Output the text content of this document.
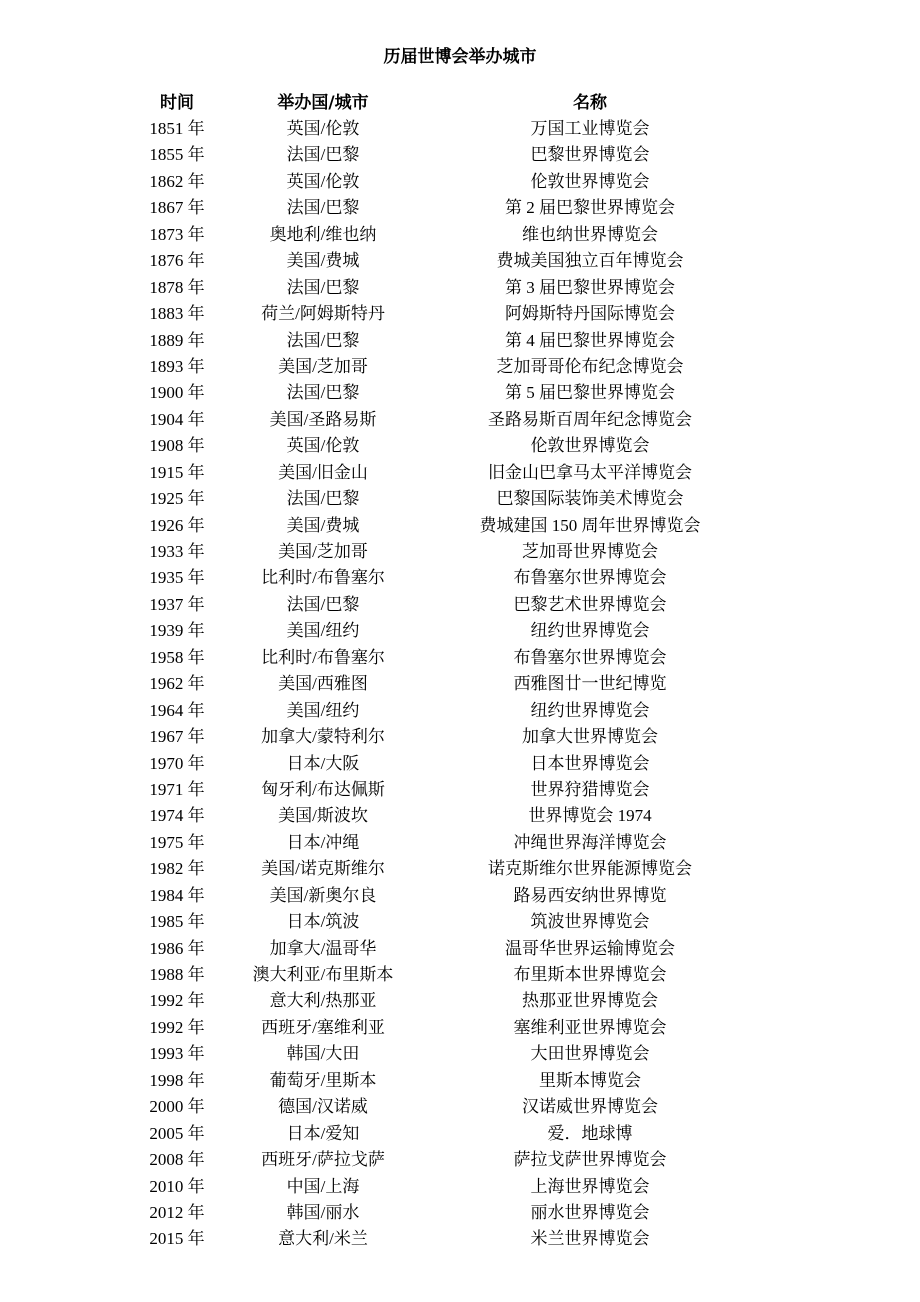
历届世博会举办城市
时间	举办国/城市	名称
1851 年	英国/伦敦	万国工业博览会
1855 年	法国/巴黎	巴黎世界博览会
1862 年	英国/伦敦	伦敦世界博览会
1867 年	法国/巴黎	第 2 届巴黎世界博览会
1873 年	奥地利/维也纳	维也纳世界博览会
1876 年	美国/费城	费城美国独立百年博览会
1878 年	法国/巴黎	第 3 届巴黎世界博览会
1883 年	荷兰/阿姆斯特丹	阿姆斯特丹国际博览会
1889 年	法国/巴黎	第 4 届巴黎世界博览会
1893 年	美国/芝加哥	芝加哥哥伦布纪念博览会
1900 年	法国/巴黎	第 5 届巴黎世界博览会
1904 年	美国/圣路易斯	圣路易斯百周年纪念博览会
1908 年	英国/伦敦	伦敦世界博览会
1915 年	美国/旧金山	旧金山巴拿马太平洋博览会
1925 年	法国/巴黎	巴黎国际装饰美术博览会
1926 年	美国/费城	费城建国 150 周年世界博览会
1933 年	美国/芝加哥	芝加哥世界博览会
1935 年	比利时/布鲁塞尔	布鲁塞尔世界博览会
1937 年	法国/巴黎	巴黎艺术世界博览会
1939 年	美国/纽约	纽约世界博览会
1958 年	比利时/布鲁塞尔	布鲁塞尔世界博览会
1962 年	美国/西雅图	西雅图廿一世纪博览
1964 年	美国/纽约	纽约世界博览会
1967 年	加拿大/蒙特利尔	加拿大世界博览会
1970 年	日本/大阪	日本世界博览会
1971 年	匈牙利/布达佩斯	世界狩猎博览会
1974 年	美国/斯波坎	世界博览会 1974
1975 年	日本/冲绳	冲绳世界海洋博览会
1982 年	美国/诺克斯维尔	诺克斯维尔世界能源博览会
1984 年	美国/新奥尔良	路易西安纳世界博览
1985 年	日本/筑波	筑波世界博览会
1986 年	加拿大/温哥华	温哥华世界运输博览会
1988 年	澳大利亚/布里斯本	布里斯本世界博览会
1992 年	意大利/热那亚	热那亚世界博览会
1992 年	西班牙/塞维利亚	塞维利亚世界博览会
1993 年	韩国/大田	大田世界博览会
1998 年	葡萄牙/里斯本	里斯本博览会
2000 年	德国/汉诺威	汉诺威世界博览会
2005 年	日本/爱知	爱．地球博
2008 年	西班牙/萨拉戈萨	萨拉戈萨世界博览会
2010 年	中国/上海	上海世界博览会
2012 年	韩国/丽水	丽水世界博览会
2015 年	意大利/米兰	米兰世界博览会
